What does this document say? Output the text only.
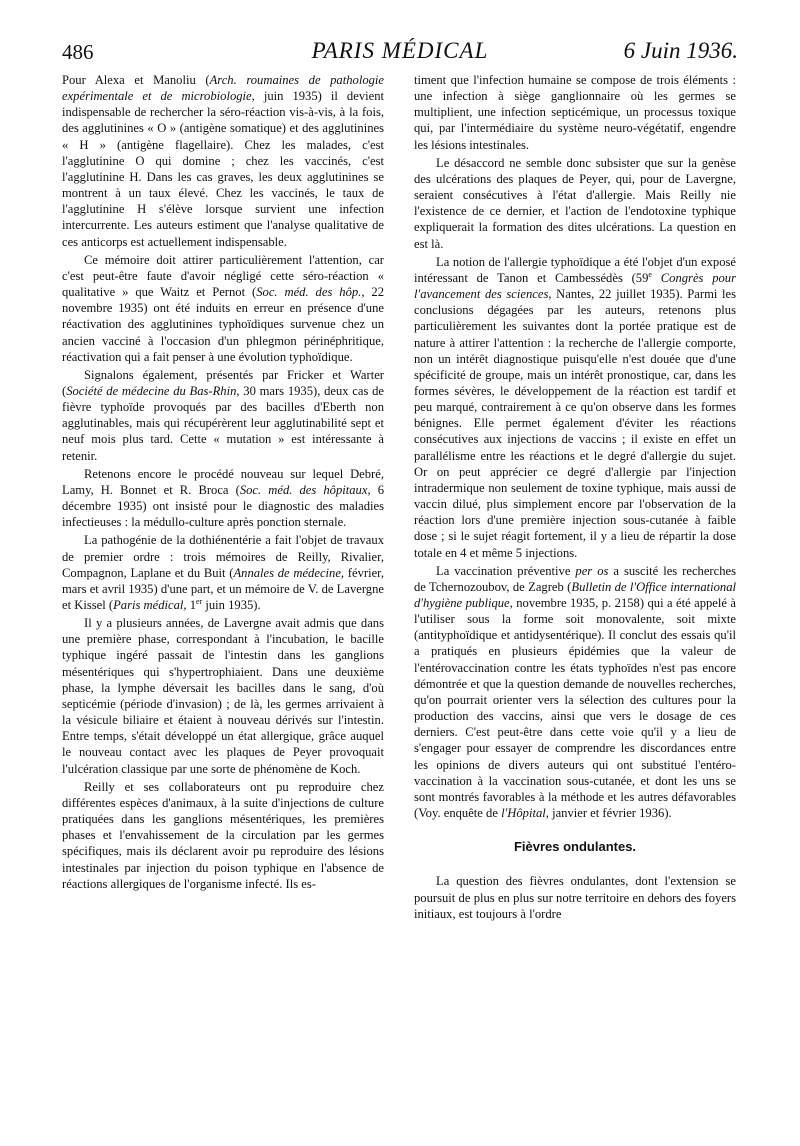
486	PARIS MÉDICAL	6 Juin 1936.

Pour Alexa et Manoliu (Arch. roumaines de pathologie expérimentale et de microbiologie, juin 1935) il devient indispensable de rechercher la séro-réaction vis-à-vis, à la fois, des agglutinines « O » (antigène somatique) et des agglutinines « H » (antigène flagellaire). Chez les malades, c'est l'agglutinine O qui domine ; chez les vaccinés, c'est l'agglutinine H. Dans les cas graves, les deux agglutinines se montrent à un taux élevé. Chez les vaccinés, le taux de l'agglutinine H s'élève lorsque survient une infection intercurrente. Les auteurs estiment que l'analyse qualitative de ces anticorps est actuellement indispensable.

Ce mémoire doit attirer particulièrement l'attention, car c'est peut-être faute d'avoir négligé cette séro-réaction « qualitative » que Waitz et Pernot (Soc. méd. des hôp., 22 novembre 1935) ont été induits en erreur en présence d'une réactivation des agglutinines typhoïdiques survenue chez un ancien vacciné à l'occasion d'un phlegmon périnéphritique, réactivation qui a fait penser à une évolution typhoïdique.

Signalons également, présentés par Fricker et Warter (Société de médecine du Bas-Rhin, 30 mars 1935), deux cas de fièvre typhoïde provoqués par des bacilles d'Eberth non agglutinables, mais qui récupérèrent leur agglutinabilité sept et neuf mois plus tard. Cette « mutation » est intéressante à retenir.

Retenons encore le procédé nouveau sur lequel Debré, Lamy, H. Bonnet et R. Broca (Soc. méd. des hôpitaux, 6 décembre 1935) ont insisté pour le diagnostic des maladies infectieuses : la médullo-culture après ponction sternale.

La pathogénie de la dothiénentérie a fait l'objet de travaux de premier ordre : trois mémoires de Reilly, Rivalier, Compagnon, Laplane et du Buit (Annales de médecine, février, mars et avril 1935) d'une part, et un mémoire de V. de Lavergne et Kissel (Paris médical, 1er juin 1935).

Il y a plusieurs années, de Lavergne avait admis que dans une première phase, correspondant à l'incubation, le bacille typhique ingéré passait de l'intestin dans les ganglions mésentériques qui s'hypertrophiaient. Dans une deuxième phase, la lymphe déversait les bacilles dans le sang, d'où septicémie (période d'invasion) ; de là, les germes arrivaient à la vésicule biliaire et étaient à nouveau dérivés sur l'intestin. Entre temps, s'était développé un état allergique, grâce auquel le nouveau contact avec les plaques de Peyer provoquait l'ulcération classique par une sorte de phénomène de Koch.

Reilly et ses collaborateurs ont pu reproduire chez différentes espèces d'animaux, à la suite d'injections de culture pratiquées dans les ganglions mésentériques, les premières phases et l'envahissement de la circulation par les germes spécifiques, mais ils déclarent avoir pu reproduire des lésions intestinales par injection du poison typhique en l'absence de réactions allergiques de l'organisme infecté. Ils es-

timent que l'infection humaine se compose de trois éléments : une infection à siège ganglionnaire où les germes se multiplient, une infection septicémique, un processus toxique qui, par l'intermédiaire du système neuro-végétatif, engendre les lésions intestinales.

Le désaccord ne semble donc subsister que sur la genèse des ulcérations des plaques de Peyer, qui, pour de Lavergne, seraient consécutives à l'état d'allergie. Mais Reilly nie l'existence de ce dernier, et l'action de l'endotoxine typhique expliquerait la formation des dites ulcérations. La question en est là.

La notion de l'allergie typhoïdique a été l'objet d'un exposé intéressant de Tanon et Cambessédès (59e Congrès pour l'avancement des sciences, Nantes, 22 juillet 1935). Parmi les conclusions dégagées par les auteurs, retenons plus particulièrement les suivantes dont la portée pratique est de nature à attirer l'attention : la recherche de l'allergie comporte, non un intérêt diagnostique puisqu'elle n'est douée que d'une spécificité de groupe, mais un intérêt pronostique, car, dans les formes sévères, le développement de la réaction est tardif et peu marqué, contrairement à ce qu'on observe dans les formes bénignes. Elle permet également d'éviter les réactions consécutives aux injections de vaccins ; il existe en effet un parallélisme entre les réactions et le degré d'allergie du sujet. Or on peut apprécier ce degré d'allergie par l'injection intradermique non seulement de toxine typhique, mais aussi de vaccin dilué, plus simplement encore par l'observation de la réaction lors d'une première injection sous-cutanée à faible dose ; si le sujet réagit fortement, il y a lieu de répartir la dose totale en 4 et même 5 injections.

La vaccination préventive per os a suscité les recherches de Tchernozoubov, de Zagreb (Bulletin de l'Office international d'hygiène publique, novembre 1935, p. 2158) qui a été appelé à l'utiliser sous la forme soit monovalente, soit mixte (antityphoïdique et antidysentérique). Il conclut des essais qu'il a pratiqués en plusieurs épidémies que la valeur de l'entérovaccination contre les états typhoïdes n'est pas encore démontrée et que la question demande de nouvelles recherches, qu'on pourrait orienter vers la sélection des cultures pour la production des vaccins, ainsi que vers le dosage de ces derniers. C'est peut-être dans cette voie qu'il y a lieu de s'engager pour essayer de comprendre les discordances entre les opinions de divers auteurs qui ont substitué l'entéro-vaccination à la vaccination sous-cutanée, et dont les uns se sont montrés favorables à la méthode et les autres défavorables (Voy. enquête de l'Hôpital, janvier et février 1936).

Fièvres ondulantes.

La question des fièvres ondulantes, dont l'extension se poursuit de plus en plus sur notre territoire en dehors des foyers initiaux, est toujours à l'ordre
